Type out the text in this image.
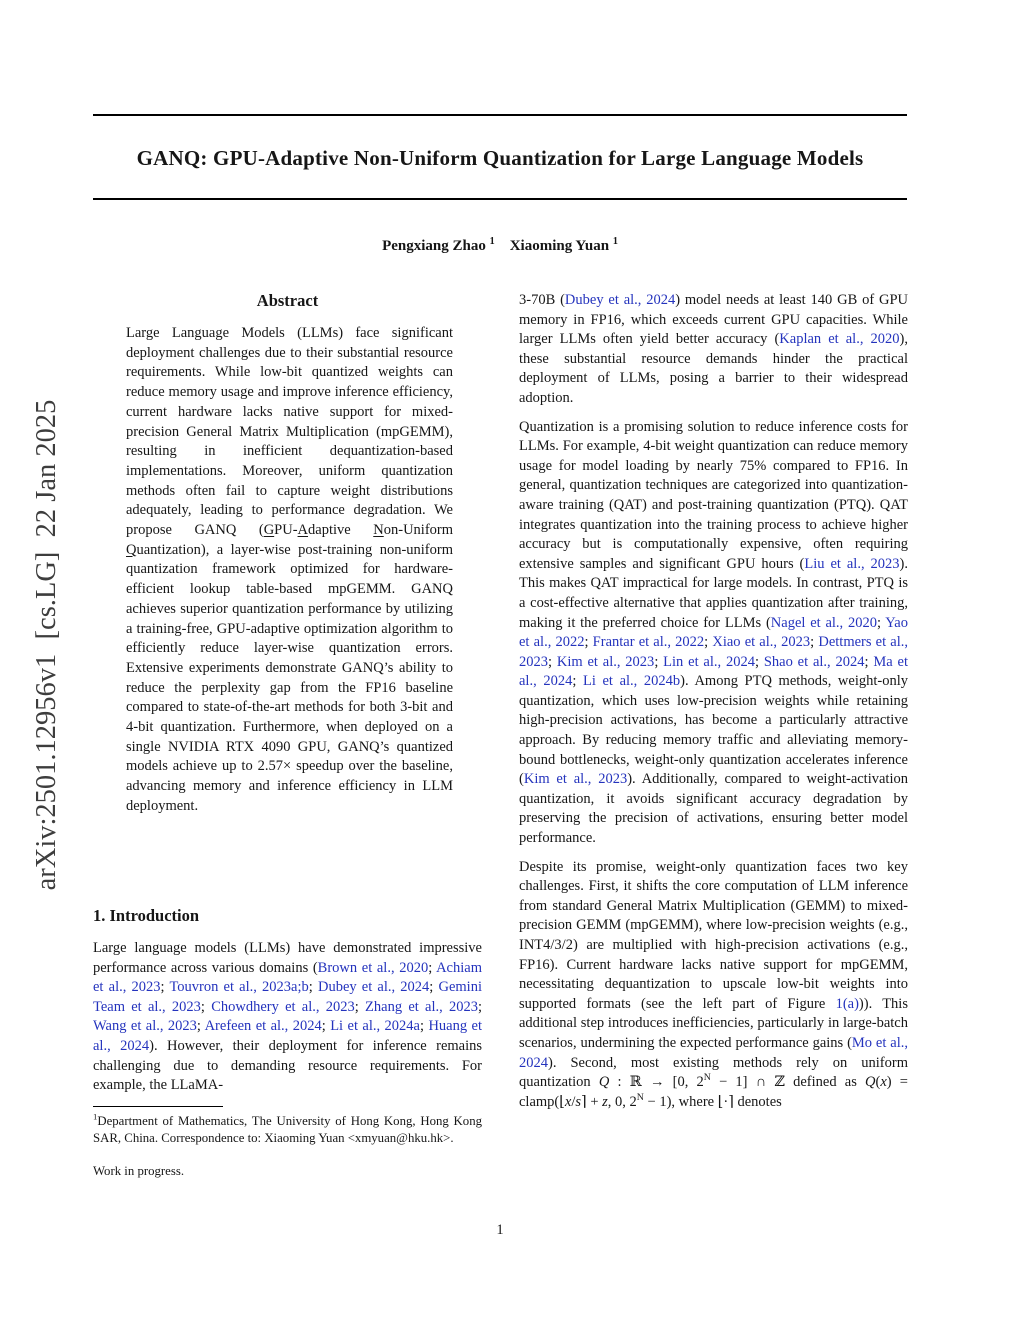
arXiv:2501.12956v1  [cs.LG]  22 Jan 2025
GANQ: GPU-Adaptive Non-Uniform Quantization for Large Language Models
Pengxiang Zhao $^1$ Xiaoming Yuan $^1$
Abstract

Large Language Models (LLMs) face significant deployment challenges due to their substantial resource requirements. While low-bit quantized weights can reduce memory usage and improve inference efficiency, current hardware lacks native support for mixed-precision General Matrix Multiplication (mpGEMM), resulting in inefficient dequantization-based implementations. Moreover, uniform quantization methods often fail to capture weight distributions adequately, leading to performance degradation. We propose GANQ (GPU-Adaptive Non-Uniform Quantization), a layer-wise post-training non-uniform quantization framework optimized for hardware-efficient lookup table-based mpGEMM. GANQ achieves superior quantization performance by utilizing a training-free, GPU-adaptive optimization algorithm to efficiently reduce layer-wise quantization errors. Extensive experiments demonstrate GANQ’s ability to reduce the perplexity gap from the FP16 baseline compared to state-of-the-art methods for both 3-bit and 4-bit quantization. Furthermore, when deployed on a single NVIDIA RTX 4090 GPU, GANQ’s quantized models achieve up to 2.57× speedup over the baseline, advancing memory and inference efficiency in LLM deployment.

1. Introduction

Large language models (LLMs) have demonstrated impressive performance across various domains (Brown et al., 2020; Achiam et al., 2023; Touvron et al., 2023a;b; Dubey et al., 2024; Gemini Team et al., 2023; Chowdhery et al., 2023; Zhang et al., 2023; Wang et al., 2023; Arefeen et al., 2024; Li et al., 2024a; Huang et al., 2024). However, their deployment for inference remains challenging due to demanding resource requirements. For example, the LLaMA-

$^1$Department of Mathematics, The University of Hong Kong, Hong Kong SAR, China. Correspondence to: Xiaoming Yuan <xmyuan@hku.hk>.

Work in progress.

3-70B (Dubey et al., 2024) model needs at least 140 GB of GPU memory in FP16, which exceeds current GPU capacities. While larger LLMs often yield better accuracy (Kaplan et al., 2020), these substantial resource demands hinder the practical deployment of LLMs, posing a barrier to their widespread adoption.

Quantization is a promising solution to reduce inference costs for LLMs. For example, 4-bit weight quantization can reduce memory usage for model loading by nearly 75% compared to FP16. In general, quantization techniques are categorized into quantization-aware training (QAT) and post-training quantization (PTQ). QAT integrates quantization into the training process to achieve higher accuracy but is computationally expensive, often requiring extensive samples and significant GPU hours (Liu et al., 2023). This makes QAT impractical for large models. In contrast, PTQ is a cost-effective alternative that applies quantization after training, making it the preferred choice for LLMs (Nagel et al., 2020; Yao et al., 2022; Frantar et al., 2022; Xiao et al., 2023; Dettmers et al., 2023; Kim et al., 2023; Lin et al., 2024; Shao et al., 2024; Ma et al., 2024; Li et al., 2024b). Among PTQ methods, weight-only quantization, which uses low-precision weights while retaining high-precision activations, has become a particularly attractive approach. By reducing memory traffic and alleviating memory-bound bottlenecks, weight-only quantization accelerates inference (Kim et al., 2023). Additionally, compared to weight-activation quantization, it avoids significant accuracy degradation by preserving the precision of activations, ensuring better model performance.

Despite its promise, weight-only quantization faces two key challenges. First, it shifts the core computation of LLM inference from standard General Matrix Multiplication (GEMM) to mixed-precision GEMM (mpGEMM), where low-precision weights (e.g., INT4/3/2) are multiplied with high-precision activations (e.g., FP16). Current hardware lacks native support for mpGEMM, necessitating dequantization to upscale low-bit weights into supported formats (see the left part of Figure 1(a))). This additional step introduces inefficiencies, particularly in large-batch scenarios, undermining the expected performance gains (Mo et al., 2024). Second, most existing methods rely on uniform quantization Q : ℝ → [0, $2^N - 1$] ∩ ℤ defined as Q(x) = clamp(⌊x/s⌉ + z, 0, $2^N - 1$), where ⌊·⌉ denotes

1
